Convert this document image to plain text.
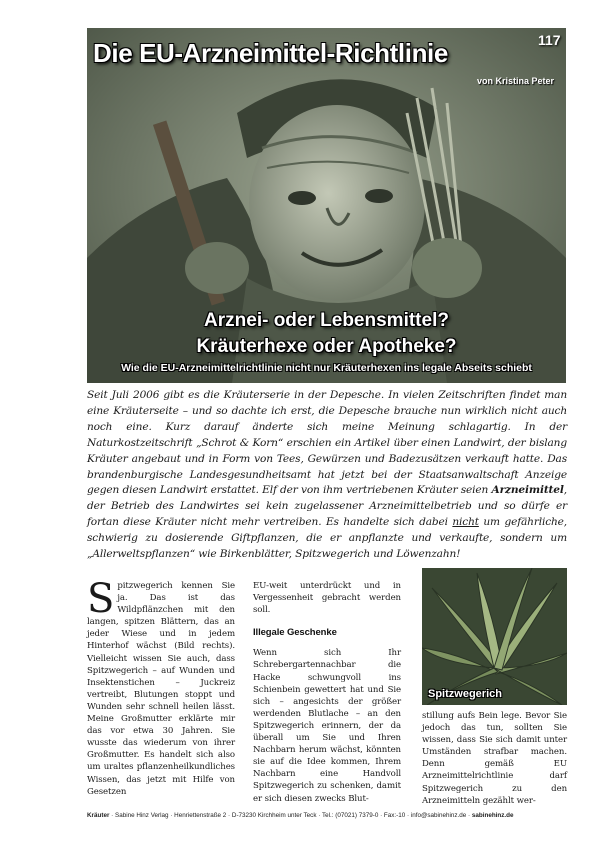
Die EU-Arzneimittel-Richtlinie
von Kristina Peter
Arznei- oder Lebensmittel?
Kräuterhexe oder Apotheke?
Wie die EU-Arzneimittelrichtlinie nicht nur Kräuterhexen ins legale Abseits schiebt
117
Seit Juli 2006 gibt es die Kräuterserie in der Depesche. In vielen Zeitschriften findet man eine Kräuterseite – und so dachte ich erst, die Depesche brauche nun wirklich nicht auch noch eine. Kurz darauf änderte sich meine Meinung schlagartig. In der Naturkostzeitschrift „Schrot & Korn“ erschien ein Artikel über einen Landwirt, der bislang Kräuter angebaut und in Form von Tees, Gewürzen und Badezusätzen verkauft hatte. Das brandenburgische Landesgesundheitsamt hat jetzt bei der Staatsanwaltschaft Anzeige gegen diesen Landwirt erstattet. Elf der von ihm vertriebenen Kräuter seien Arzneimittel, der Betrieb des Landwirtes sei kein zugelassener Arzneimittelbetrieb und so dürfe er fortan diese Kräuter nicht mehr vertreiben. Es handelte sich dabei nicht um gefährliche, schwierig zu dosierende Giftpflanzen, die er anpflanzte und verkaufte, sondern um „Allerweltspflanzen“ wie Birkenblätter, Spitzwegerich und Löwenzahn!
S pitzwegerich kennen Sie ja. Das ist das Wildpflänzchen mit den langen, spitzen Blättern, das an jeder Wiese und in jedem Hinterhof wächst (Bild rechts). Vielleicht wissen Sie auch, dass Spitzwegerich – auf Wunden und Insektenstichen – Juckreiz vertreibt, Blutungen stoppt und Wunden sehr schnell heilen lässt. Meine Großmutter erklärte mir das vor etwa 30 Jahren. Sie wusste das wiederum von ihrer Großmutter. Es handelt sich also um uraltes pflanzenheilkundliches Wissen, das jetzt mit Hilfe von Gesetzen
EU-weit unterdrückt und in Vergessenheit gebracht werden soll.
Illegale Geschenke
Wenn sich Ihr Schrebergartennachbar die Hacke schwungvoll ins Schienbein gewettert hat und Sie sich – angesichts der größer werdenden Blutlache – an den Spitzwegerich erinnern, der da überall um Sie und Ihren Nachbarn herum wächst, könnten sie auf die Idee kommen, Ihrem Nachbarn eine Handvoll Spitzwegerich zu schenken, damit er sich diesen zwecks Blut-
Spitzwegerich
stillung aufs Bein lege. Bevor Sie jedoch das tun, sollten Sie wissen, dass Sie sich damit unter Umständen strafbar machen. Denn gemäß EU Arzneimittelrichtlinie darf Spitzwegerich zu den Arzneimitteln gezählt wer-
Kräuter · Sabine Hinz Verlag · Henriettenstraße 2 · D-73230 Kirchheim unter Teck · Tel.: (07021) 7379-0 · Fax:-10 · info@sabinehinz.de · sabinehinz.de
